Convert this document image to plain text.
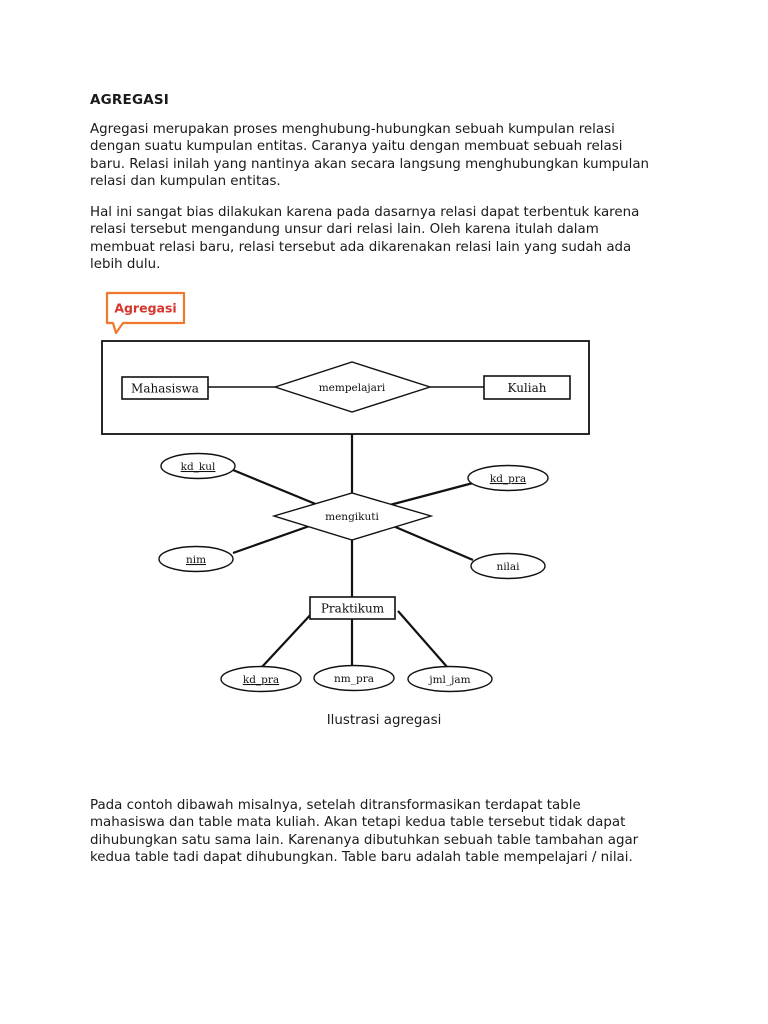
AGREGASI

Agregasi merupakan proses menghubung-hubungkan sebuah kumpulan relasi
dengan suatu kumpulan entitas. Caranya yaitu dengan membuat sebuah relasi
baru. Relasi inilah yang nantinya akan secara langsung menghubungkan kumpulan
relasi dan kumpulan entitas.

Hal ini sangat bias dilakukan karena pada dasarnya relasi dapat terbentuk karena
relasi tersebut mengandung unsur dari relasi lain. Oleh karena itulah dalam
membuat relasi baru, relasi tersebut ada dikarenakan relasi lain yang sudah ada
lebih dulu.

Agregasi
Mahasiswa	mempelajari	Kuliah
mengikuti
kd_kul
kd_pra
nim
nilai
Praktikum
kd_pra	nm_pra	jml_jam

Ilustrasi agregasi

Pada contoh dibawah misalnya, setelah ditransformasikan terdapat table
mahasiswa dan table mata kuliah. Akan tetapi kedua table tersebut tidak dapat
dihubungkan satu sama lain. Karenanya dibutuhkan sebuah table tambahan agar
kedua table tadi dapat dihubungkan. Table baru adalah table mempelajari / nilai.
